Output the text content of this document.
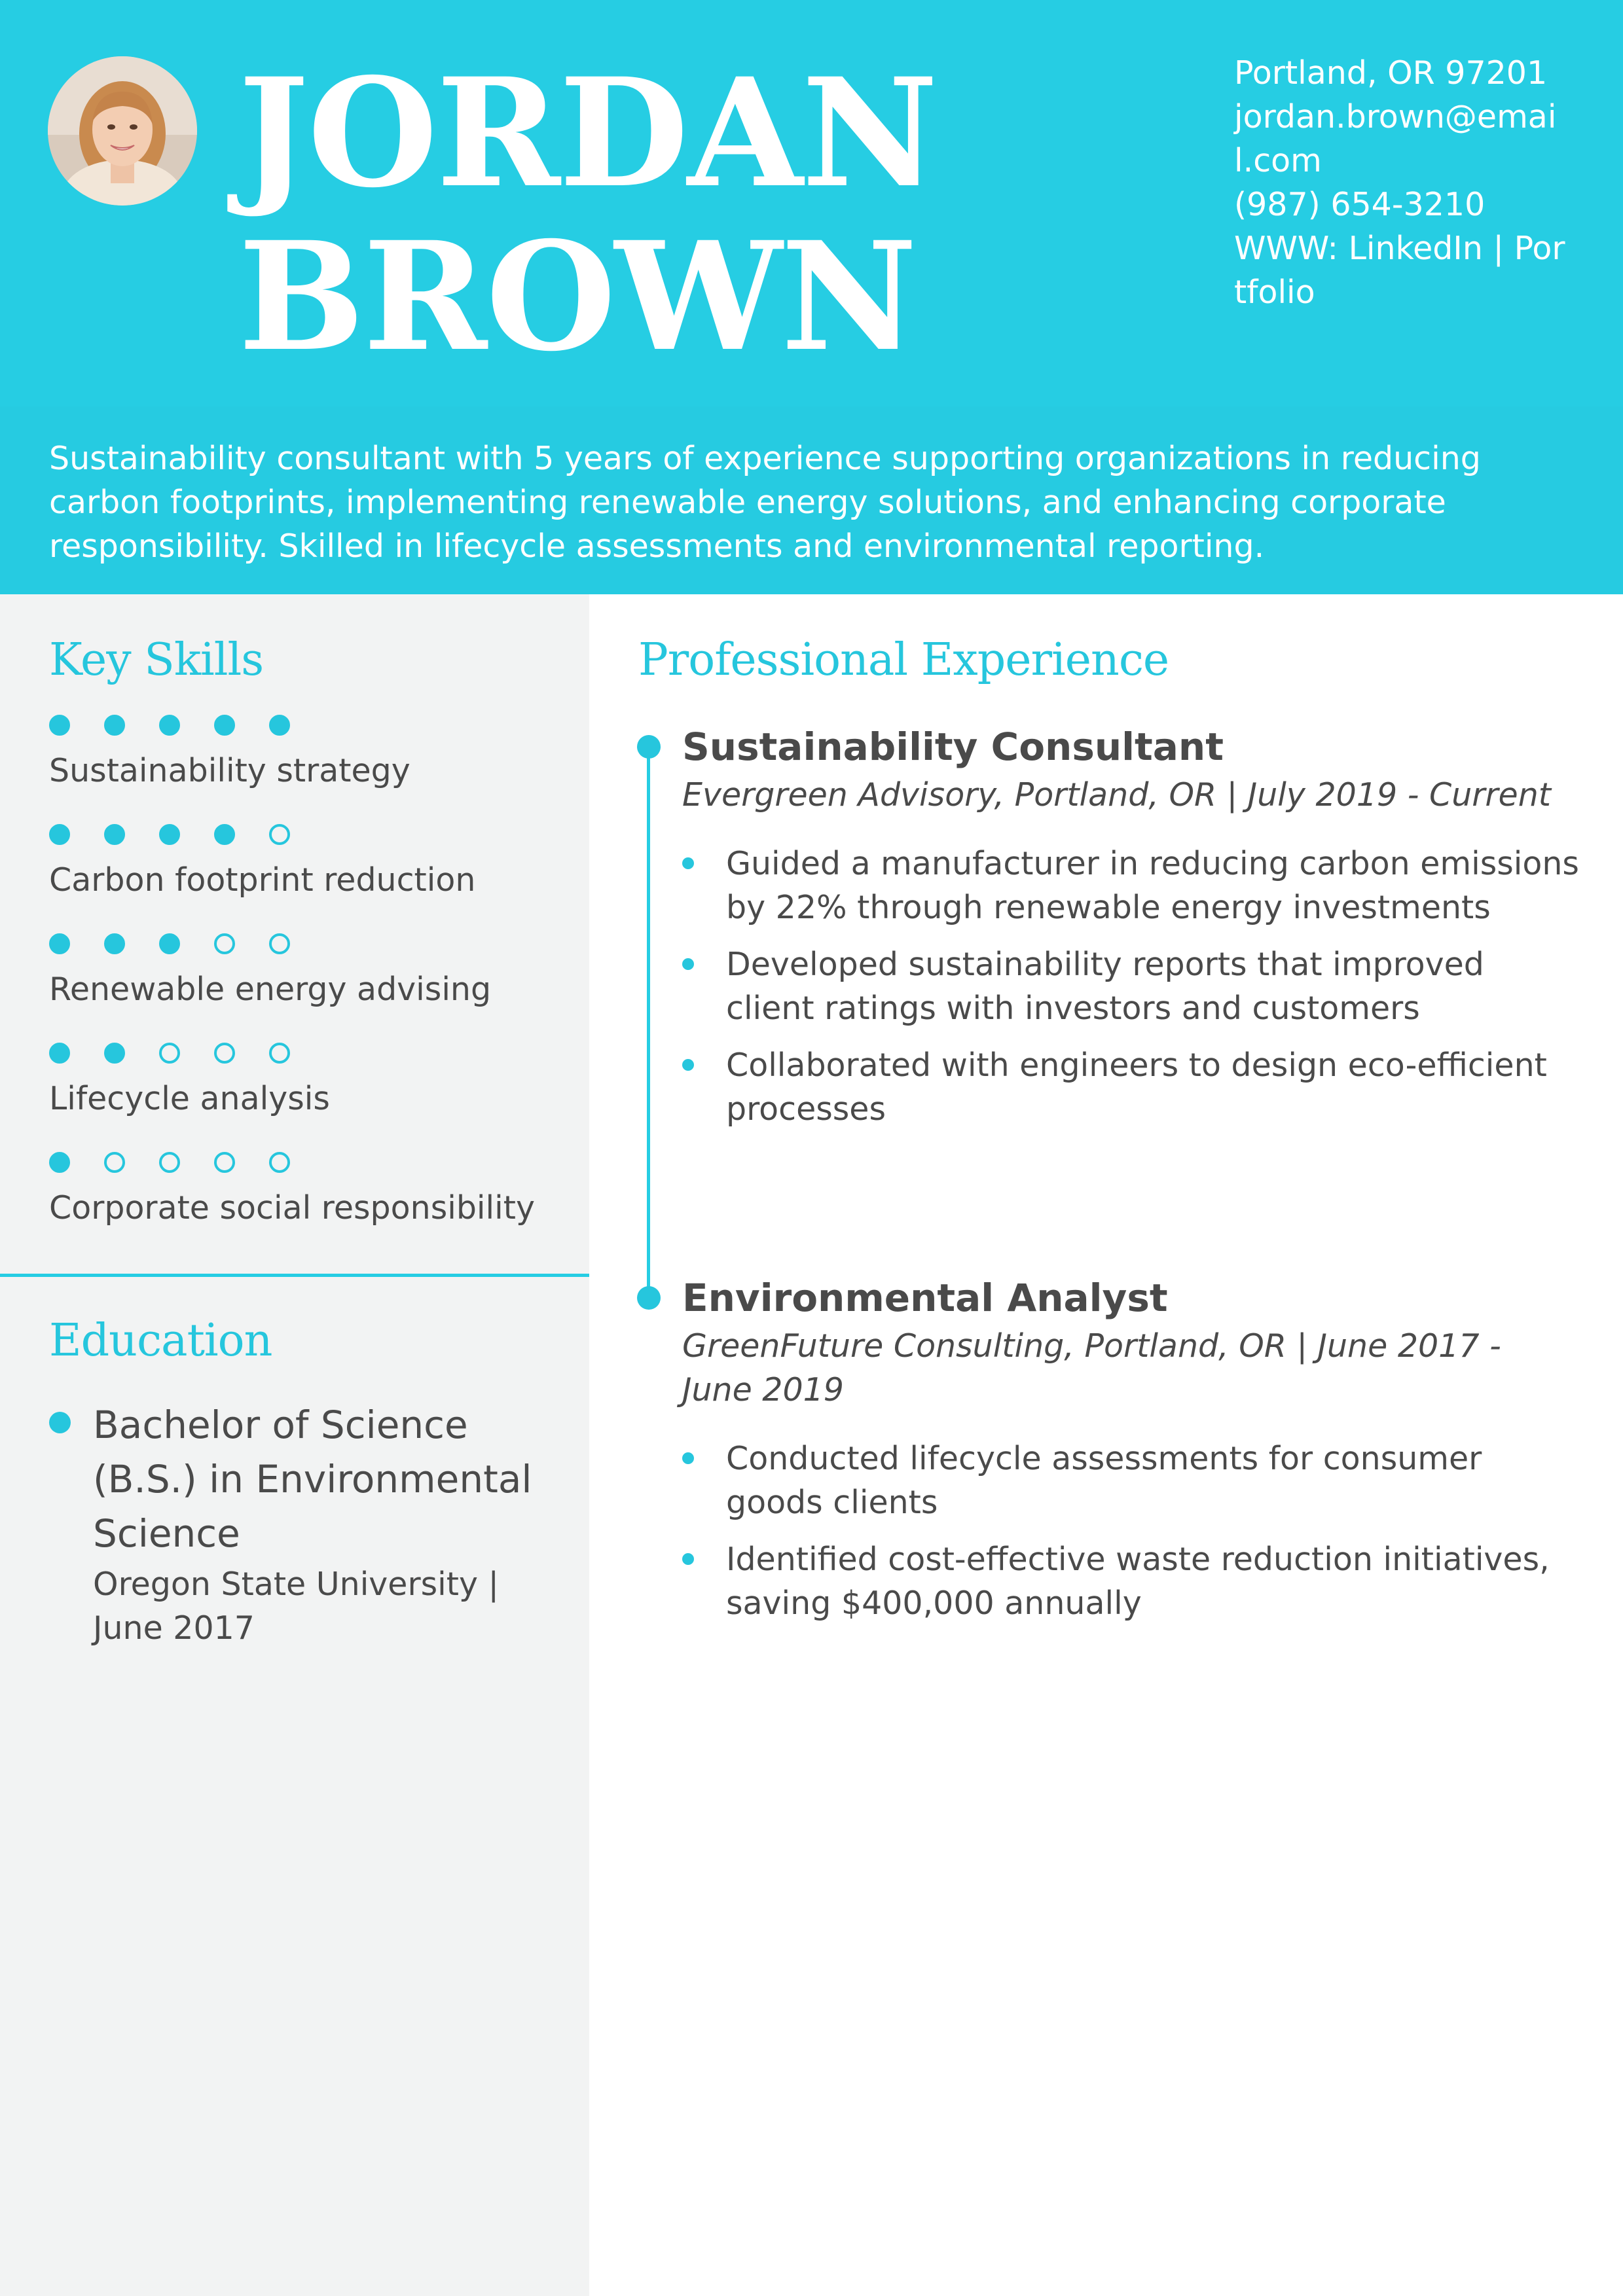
JORDAN
BROWN
Portland, OR 97201
jordan.brown@email.com
(987) 654-3210
WWW: LinkedIn | Portfolio
Sustainability consultant with 5 years of experience supporting organizations in reducing carbon footprints, implementing renewable energy solutions, and enhancing corporate responsibility. Skilled in lifecycle assessments and environmental reporting.
Key Skills
Sustainability strategy
Carbon footprint reduction
Renewable energy advising
Lifecycle analysis
Corporate social responsibility
Education
Bachelor of Science (B.S.) in Environmental Science
Oregon State University | June 2017
Professional Experience
Sustainability Consultant
Evergreen Advisory, Portland, OR | July 2019 - Current
Guided a manufacturer in reducing carbon emissions by 22% through renewable energy investments
Developed sustainability reports that improved client ratings with investors and customers
Collaborated with engineers to design eco-efficient processes
Environmental Analyst
GreenFuture Consulting, Portland, OR | June 2017 - June 2019
Conducted lifecycle assessments for consumer goods clients
Identified cost-effective waste reduction initiatives, saving $400,000 annually
